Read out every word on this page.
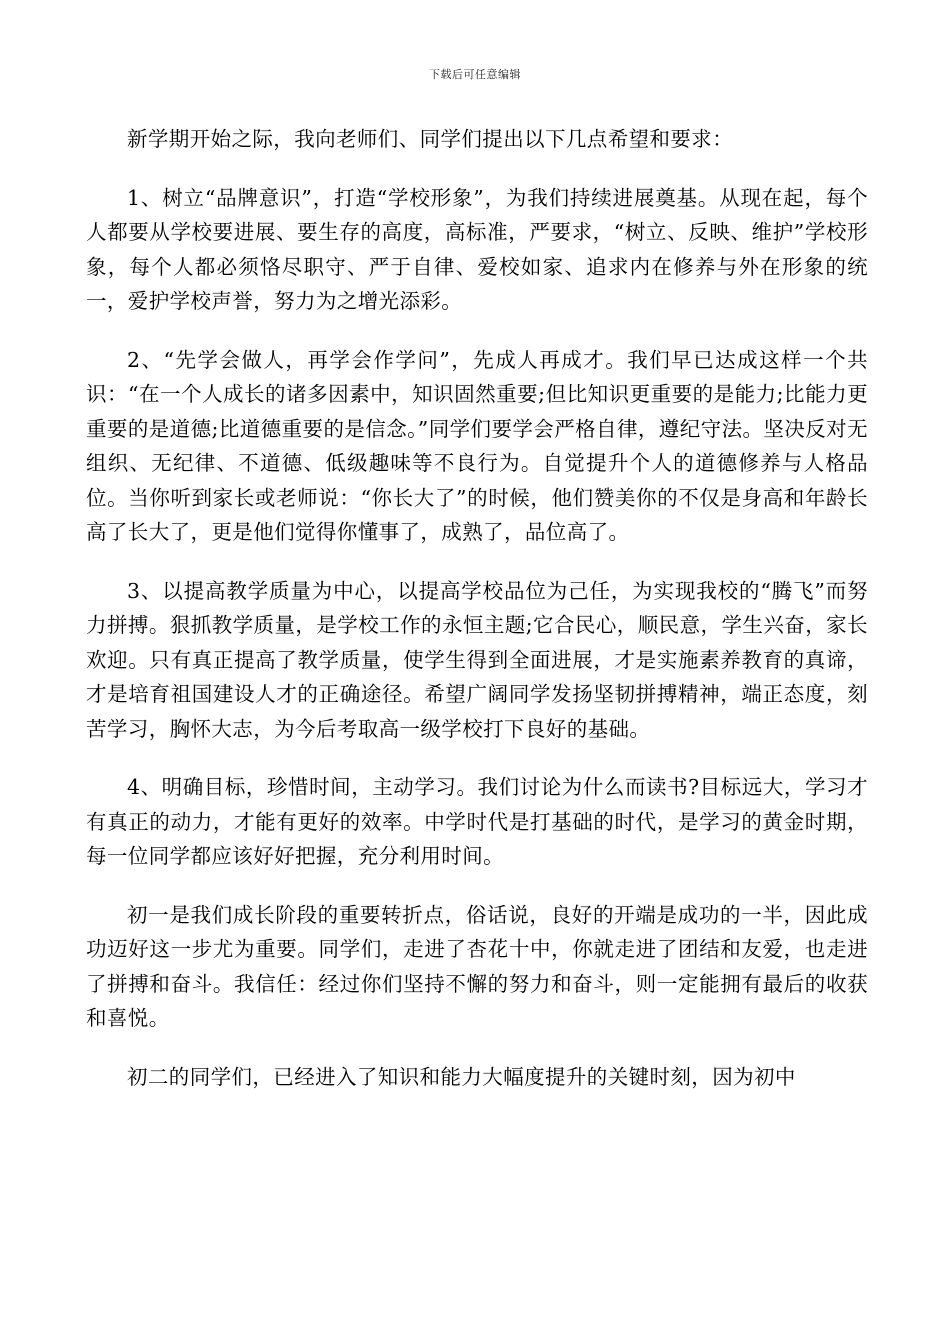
下载后可任意编辑

新学期开始之际，我向老师们、同学们提出以下几点希望和要求：

1、树立“品牌意识”，打造“学校形象”，为我们持续进展奠基。从现在起，每个人都要从学校要进展、要生存的高度，高标准，严要求，“树立、反映、维护”学校形象，每个人都必须恪尽职守、严于自律、爱校如家、追求内在修养与外在形象的统一，爱护学校声誉，努力为之增光添彩。

2、“先学会做人，再学会作学问”，先成人再成才。我们早已达成这样一个共识：“在一个人成长的诸多因素中，知识固然重要;但比知识更重要的是能力;比能力更重要的是道德;比道德重要的是信念。”同学们要学会严格自律，遵纪守法。坚决反对无组织、无纪律、不道德、低级趣味等不良行为。自觉提升个人的道德修养与人格品位。当你听到家长或老师说：“你长大了”的时候，他们赞美你的不仅是身高和年龄长高了长大了，更是他们觉得你懂事了，成熟了，品位高了。

3、以提高教学质量为中心，以提高学校品位为己任，为实现我校的“腾飞”而努力拼搏。狠抓教学质量，是学校工作的永恒主题;它合民心，顺民意，学生兴奋，家长欢迎。只有真正提高了教学质量，使学生得到全面进展，才是实施素养教育的真谛，才是培育祖国建设人才的正确途径。希望广阔同学发扬坚韧拼搏精神，端正态度，刻苦学习，胸怀大志，为今后考取高一级学校打下良好的基础。

4、明确目标，珍惜时间，主动学习。我们讨论为什么而读书?目标远大，学习才有真正的动力，才能有更好的效率。中学时代是打基础的时代，是学习的黄金时期，每一位同学都应该好好把握，充分利用时间。

初一是我们成长阶段的重要转折点，俗话说，良好的开端是成功的一半，因此成功迈好这一步尤为重要。同学们，走进了杏花十中，你就走进了团结和友爱，也走进了拼搏和奋斗。我信任：经过你们坚持不懈的努力和奋斗，则一定能拥有最后的收获和喜悦。

初二的同学们，已经进入了知识和能力大幅度提升的关键时刻，因为初中
